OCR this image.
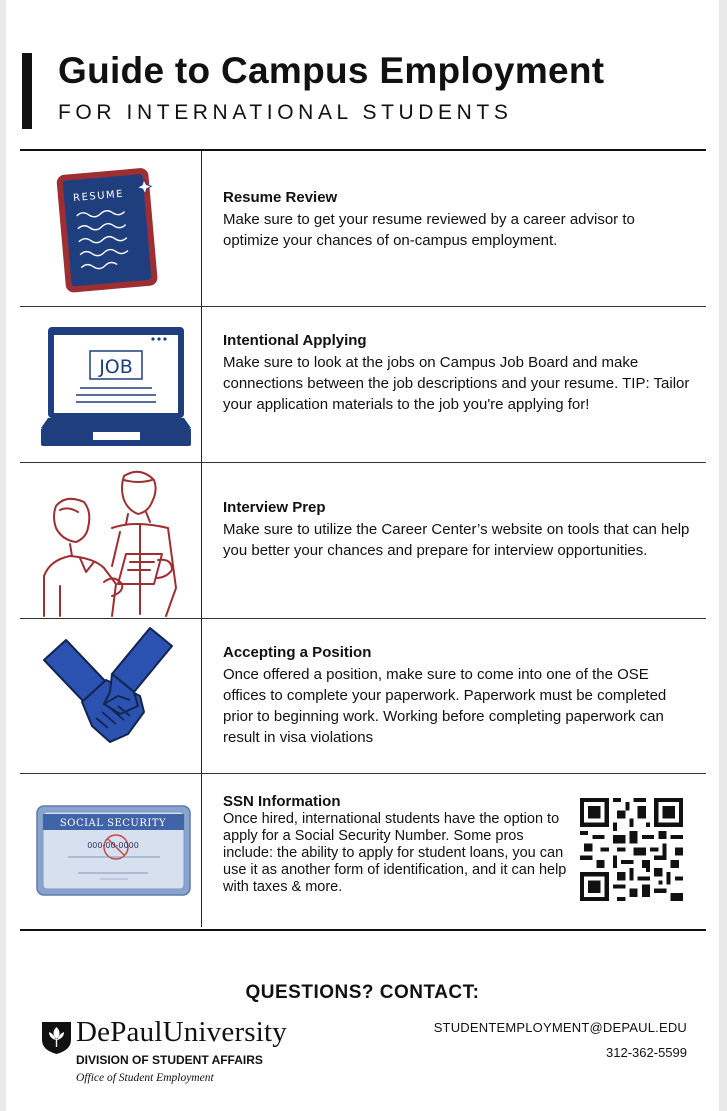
Guide to Campus Employment
FOR INTERNATIONAL STUDENTS
RESUME	Resume Review

Make sure to get your resume reviewed by a career advisor to optimize your chances of on-campus employment.

JOB

Intentional Applying

Make sure to look at the jobs on Campus Job Board and make connections between the job descriptions and your resume. TIP: Tailor your application materials to the job you're applying for!

Interview Prep

Make sure to utilize the Career Center’s website on tools that can help you better your chances and prepare for interview opportunities.

Accepting a Position

Once offered a position, make sure to come into one of the OSE offices to complete your paperwork. Paperwork must be completed prior to beginning work. Working before completing paperwork can result in visa violations

SOCIAL SECURITY
000-00-0000

SSN Information

Once hired, international students have the option to apply for a Social Security Number. Some pros include: the ability to apply for student loans, you can use it as another form of identification, and it can help with taxes & more.

QUESTIONS? CONTACT:
DePaulUniversity
DIVISION OF STUDENT AFFAIRS
Office of Student Employment
STUDENTEMPLOYMENT@DEPAUL.EDU
312-362-5599
